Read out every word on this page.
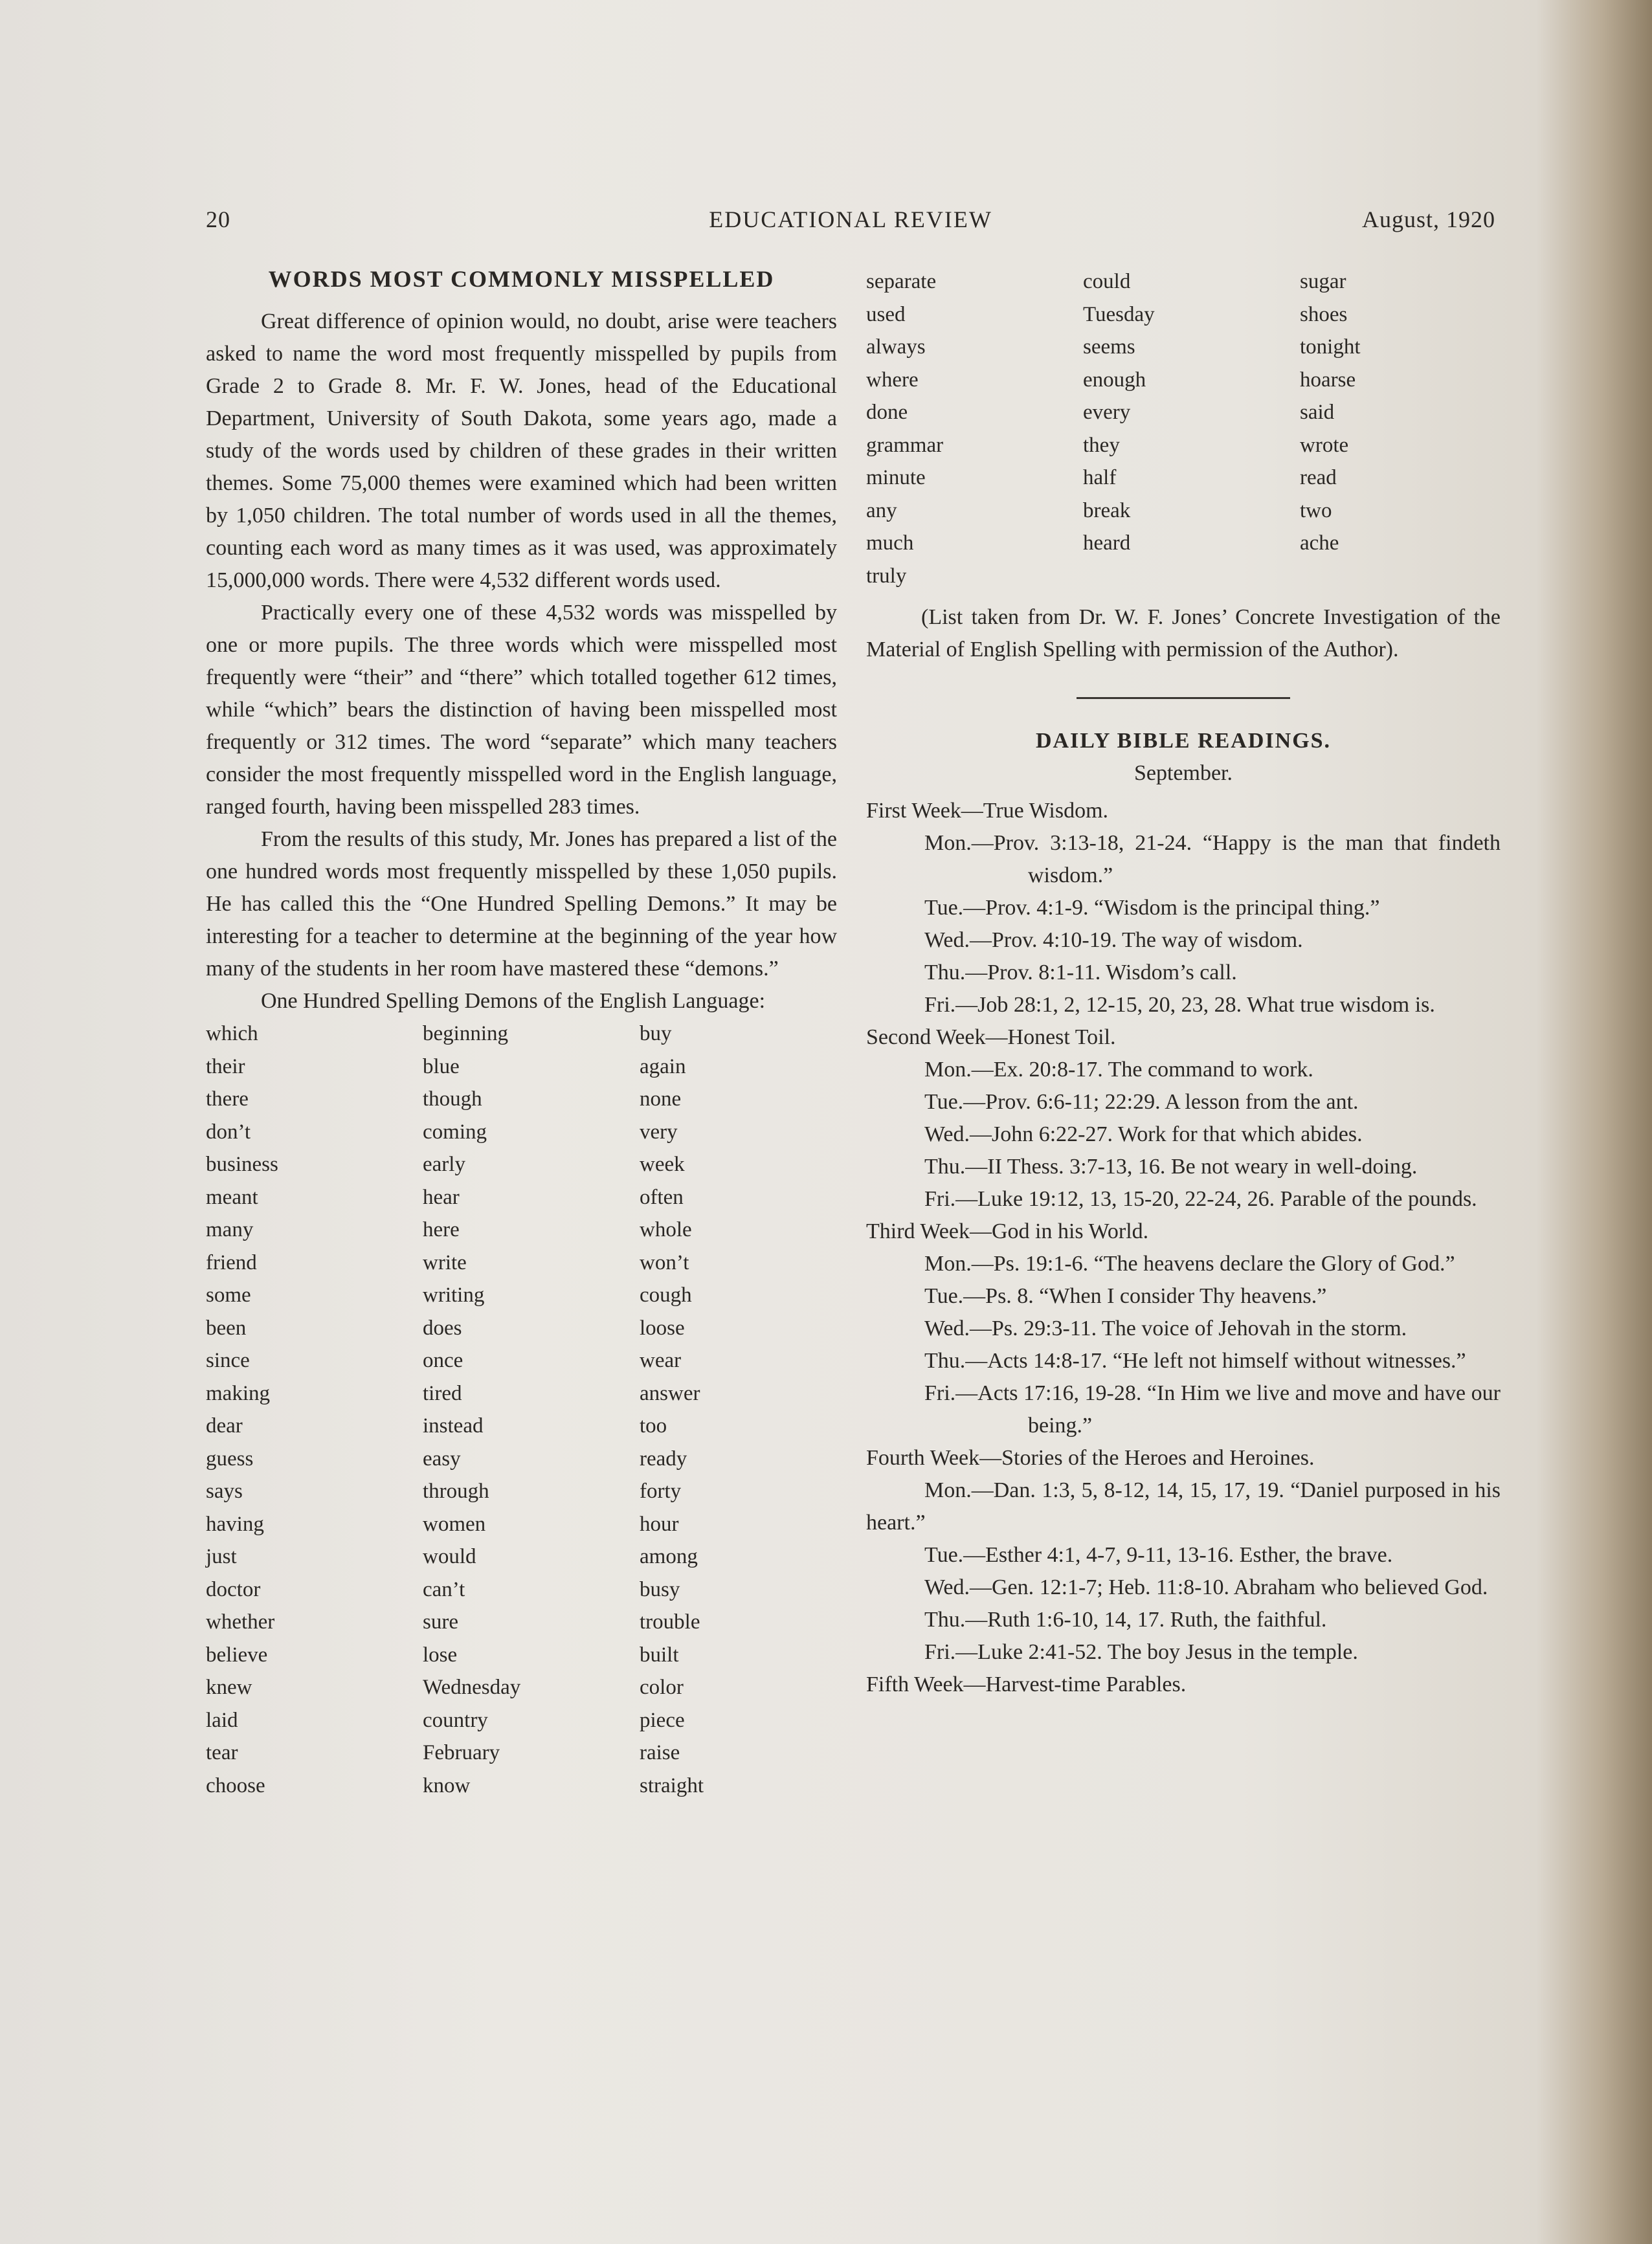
20	EDUCATIONAL REVIEW	August, 1920
WORDS MOST COMMONLY MISSPELLED

Great difference of opinion would, no doubt, arise were teachers asked to name the word most frequently misspelled by pupils from Grade 2 to Grade 8. Mr. F. W. Jones, head of the Educational Department, University of South Dakota, some years ago, made a study of the words used by children of these grades in their written themes. Some 75,000 themes were examined which had been written by 1,050 children. The total number of words used in all the themes, counting each word as many times as it was used, was approximately 15,000,000 words. There were 4,532 different words used.

Practically every one of these 4,532 words was misspelled by one or more pupils. The three words which were misspelled most frequently were “their” and “there” which totalled together 612 times, while “which” bears the distinction of having been misspelled most frequently or 312 times. The word “separate” which many teachers consider the most frequently misspelled word in the English language, ranged fourth, having been misspelled 283 times.

From the results of this study, Mr. Jones has prepared a list of the one hundred words most frequently misspelled by these 1,050 pupils. He has called this the “One Hundred Spelling Demons.” It may be interesting for a teacher to determine at the beginning of the year how many of the students in her room have mastered these “demons.”

One Hundred Spelling Demons of the English Language:

which	beginning	buy
their	blue	again
there	though	none
don’t	coming	very
business	early	week
meant	hear	often
many	here	whole
friend	write	won’t
some	writing	cough
been	does	loose
since	once	wear
making	tired	answer
dear	instead	too
guess	easy	ready
says	through	forty
having	women	hour
just	would	among
doctor	can’t	busy
whether	sure	trouble
believe	lose	built
knew	Wednesday	color
laid	country	piece
tear	February	raise
choose	know	straight
separate	could	sugar
used	Tuesday	shoes
always	seems	tonight
where	enough	hoarse
done	every	said
grammar	they	wrote
minute	half	read
any	break	two
much	heard	ache
truly

(List taken from Dr. W. F. Jones’ Concrete Investigation of the Material of English Spelling with permission of the Author).

DAILY BIBLE READINGS.

September.

First Week—True Wisdom.

Mon.—Prov. 3:13-18, 21-24. “Happy is the man that findeth wisdom.”

Tue.—Prov. 4:1-9. “Wisdom is the principal thing.”

Wed.—Prov. 4:10-19. The way of wisdom.

Thu.—Prov. 8:1-11. Wisdom’s call.

Fri.—Job 28:1, 2, 12-15, 20, 23, 28. What true wisdom is.

Second Week—Honest Toil.

Mon.—Ex. 20:8-17. The command to work.

Tue.—Prov. 6:6-11; 22:29. A lesson from the ant.

Wed.—John 6:22-27. Work for that which abides.

Thu.—II Thess. 3:7-13, 16. Be not weary in well-doing.

Fri.—Luke 19:12, 13, 15-20, 22-24, 26. Parable of the pounds.

Third Week—God in his World.

Mon.—Ps. 19:1-6. “The heavens declare the Glory of God.”

Tue.—Ps. 8. “When I consider Thy heavens.”

Wed.—Ps. 29:3-11. The voice of Jehovah in the storm.

Thu.—Acts 14:8-17. “He left not himself without witnesses.”

Fri.—Acts 17:16, 19-28. “In Him we live and move and have our being.”

Fourth Week—Stories of the Heroes and Heroines.

Mon.—Dan. 1:3, 5, 8-12, 14, 15, 17, 19. “Daniel purposed in his heart.”

Tue.—Esther 4:1, 4-7, 9-11, 13-16. Esther, the brave.

Wed.—Gen. 12:1-7; Heb. 11:8-10. Abraham who believed God.

Thu.—Ruth 1:6-10, 14, 17. Ruth, the faithful.

Fri.—Luke 2:41-52. The boy Jesus in the temple.

Fifth Week—Harvest-time Parables.
